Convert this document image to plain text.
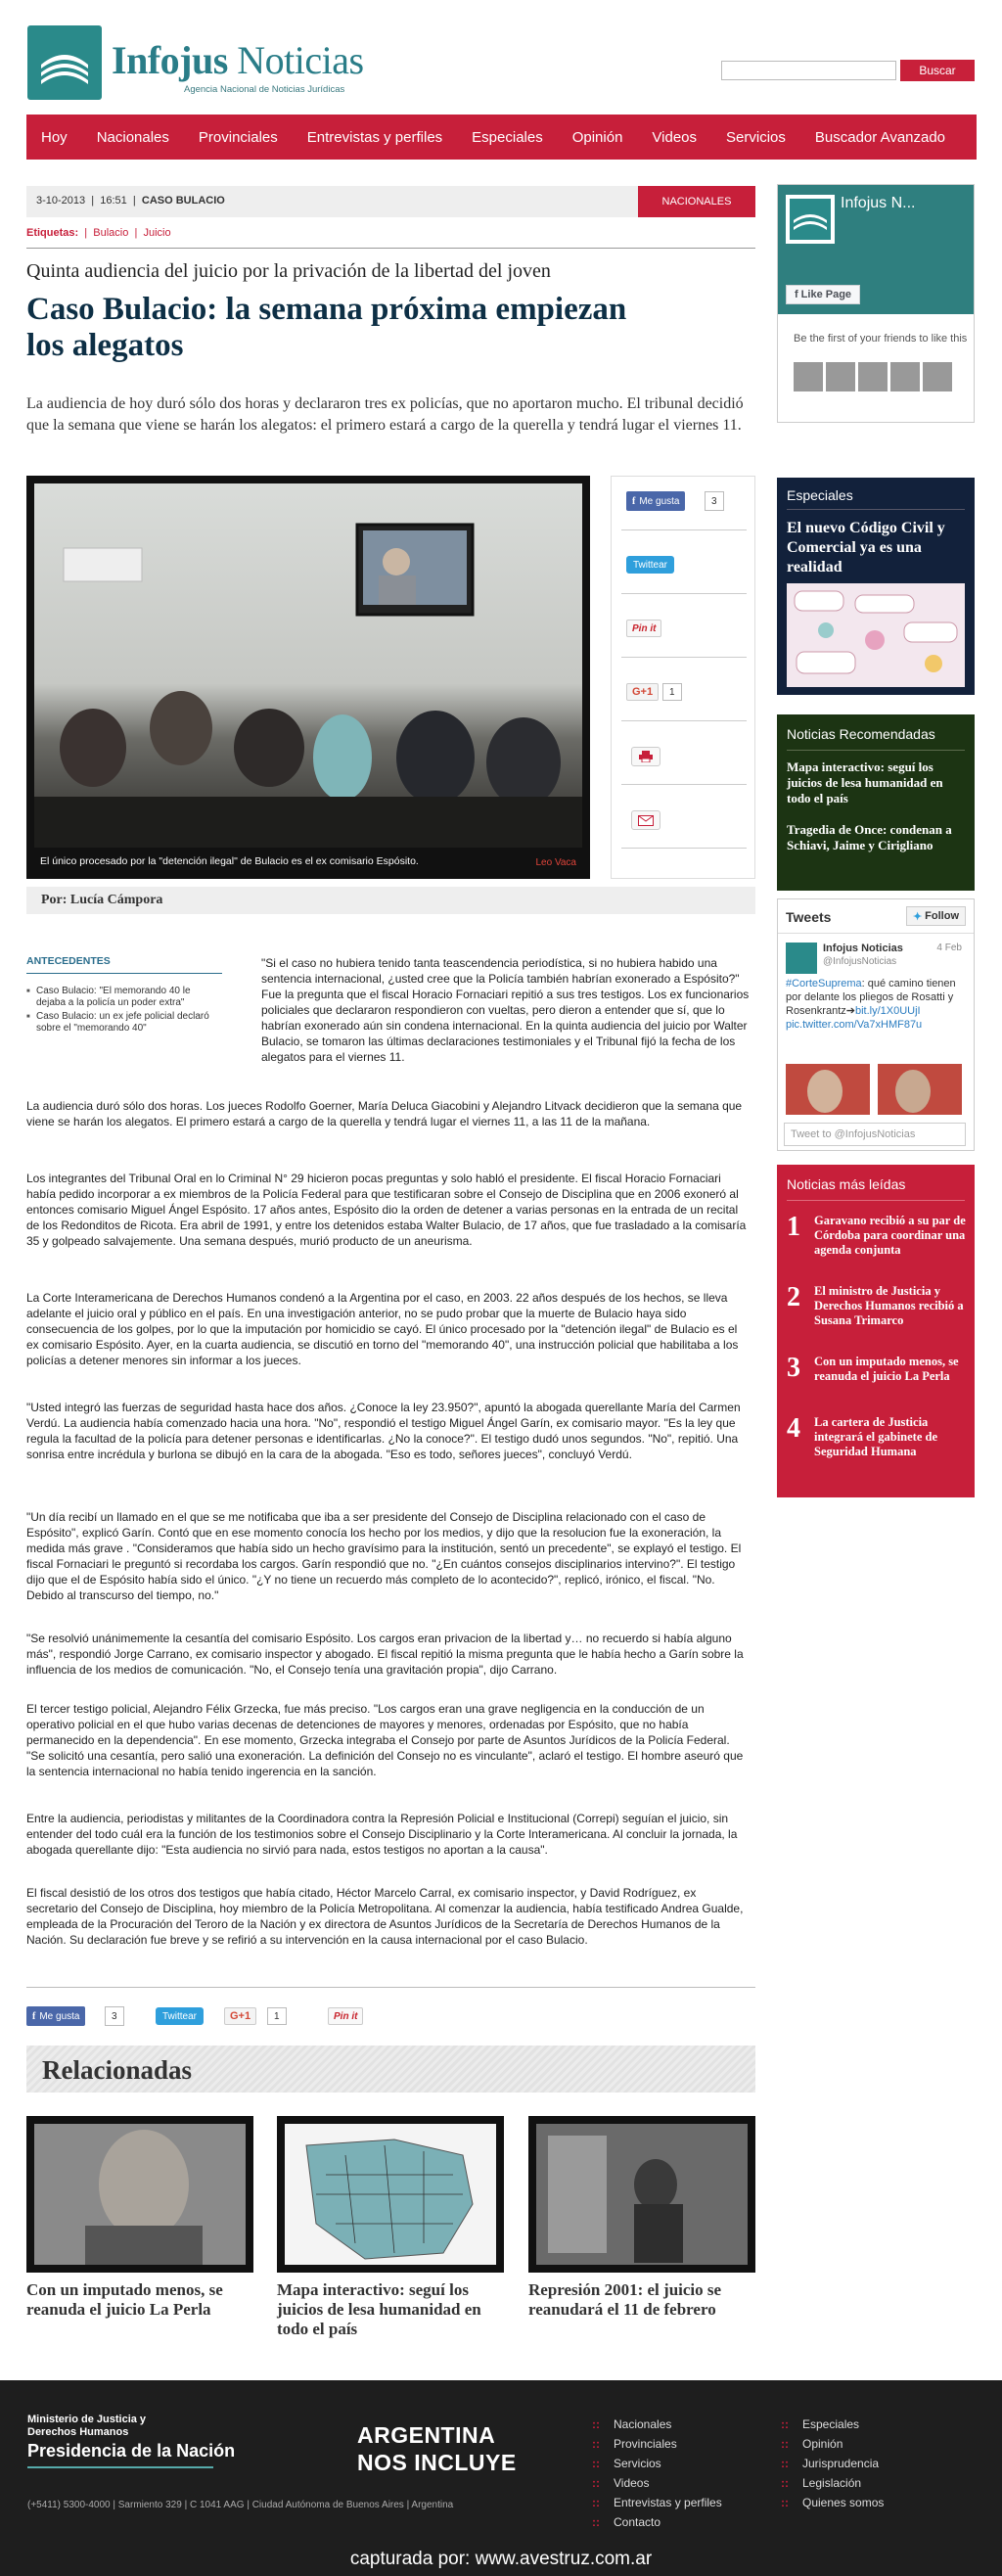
Infojus Noticias
Agencia Nacional de Noticias Jurídicas
Buscar
Hoy	Nacionales	Provinciales	Entrevistas y perfiles	Especiales	Opinión	Videos	Servicios	Buscador Avanzado
3-10-2013  |  16:51  |  CASO BULACIO	NACIONALES
Etiquetas:  |  Bulacio  |  Juicio
Quinta audiencia del juicio por la privación de la libertad del joven
Caso Bulacio: la semana próxima empiezan los alegatos
La audiencia de hoy duró sólo dos horas y declararon tres ex policías, que no aportaron mucho. El tribunal decidió que la semana que viene se harán los alegatos: el primero estará a cargo de la querella y tendrá lugar el viernes 11.
El único procesado por la "detención ilegal" de Bulacio es el ex comisario Espósito.	Leo Vaca
f Me gusta	3
Twittear
Pin it
G+1	1
Por: Lucía Cámpora
ANTECEDENTES
■ Caso Bulacio: "El memorando 40 le dejaba a la policía un poder extra"
■ Caso Bulacio: un ex jefe policial declaró sobre el "memorando 40"
"Si el caso no hubiera tenido tanta teascendencia periodística, si no hubiera habido una sentencia internacional, ¿usted cree que la Policía también habrían exonerado a Espósito?" Fue la pregunta que el fiscal Horacio Fornaciari repitió a sus tres testigos. Los ex funcionarios policiales que declararon respondieron con vueltas, pero dieron a entender que sí, que lo habrían exonerado aún sin condena internacional. En la quinta audiencia del juicio por Walter Bulacio, se tomaron las últimas declaraciones testimoniales y el Tribunal fijó la fecha de los alegatos para el viernes 11.
La audiencia duró sólo dos horas. Los jueces Rodolfo Goerner, María Deluca Giacobini y Alejandro Litvack decidieron que la semana que viene se harán los alegatos. El primero estará a cargo de la querella y tendrá lugar el viernes 11, a las 11 de la mañana.
Los integrantes del Tribunal Oral en lo Criminal N° 29 hicieron pocas preguntas y solo habló el presidente. El fiscal Horacio Fornaciari había pedido incorporar a ex miembros de la Policía Federal para que testificaran sobre el Consejo de Disciplina que en 2006 exoneró al entonces comisario Miguel Ángel Espósito. 17 años antes, Espósito dio la orden de detener a varias personas en la entrada de un recital de los Redonditos de Ricota. Era abril de 1991, y entre los detenidos estaba Walter Bulacio, de 17 años, que fue trasladado a la comisaría 35 y golpeado salvajemente. Una semana después, murió producto de un aneurisma.
La Corte Interamericana de Derechos Humanos condenó a la Argentina por el caso, en 2003. 22 años después de los hechos, se lleva adelante el juicio oral y público en el país. En una investigación anterior, no se pudo probar que la muerte de Bulacio haya sido consecuencia de los golpes, por lo que la imputación por homicidio se cayó. El único procesado por la "detención ilegal" de Bulacio es el ex comisario Espósito. Ayer, en la cuarta audiencia, se discutió en torno del "memorando 40", una instrucción policial que habilitaba a los policías a detener menores sin informar a los jueces.
"Usted integró las fuerzas de seguridad hasta hace dos años. ¿Conoce la ley 23.950?", apuntó la abogada querellante María del Carmen Verdú. La audiencia había comenzado hacia una hora. "No", respondió el testigo Miguel Ángel Garín, ex comisario mayor. "Es la ley que regula la facultad de la policía para detener personas e identificarlas. ¿No la conoce?". El testigo dudó unos segundos. "No", repitió. Una sonrisa entre incrédula y burlona se dibujó en la cara de la abogada. "Eso es todo, señores jueces", concluyó Verdú.
"Un día recibí un llamado en el que se me notificaba que iba a ser presidente del Consejo de Disciplina relacionado con el caso de Espósito", explicó Garín. Contó que en ese momento conocía los hecho por los medios, y dijo que la resolucion fue la exoneración, la medida más grave . "Consideramos que había sido un hecho gravísimo para la institución, sentó un precedente", se explayó el testigo. El fiscal Fornaciari le preguntó si recordaba los cargos. Garín respondió que no. "¿En cuántos consejos disciplinarios intervino?". El testigo dijo que el de Espósito había sido el único. "¿Y no tiene un recuerdo más completo de lo acontecido?", replicó, irónico, el fiscal. "No. Debido al transcurso del tiempo, no."
"Se resolvió unánimemente la cesantía del comisario Espósito. Los cargos eran privacion de la libertad y… no recuerdo si había alguno más", respondió Jorge Carrano, ex comisario inspector y abogado. El fiscal repitió la misma pregunta que le había hecho a Garín sobre la influencia de los medios de comunicación. "No, el Consejo tenía una gravitación propia", dijo Carrano.
El tercer testigo policial, Alejandro Félix Grzecka, fue más preciso. "Los cargos eran una grave negligencia en la conducción de un operativo policial en el que hubo varias decenas de detenciones de mayores y menores, ordenadas por Espósito, que no había permanecido en la dependencia". En ese momento, Grzecka integraba el Consejo por parte de Asuntos Jurídicos de la Policía Federal. "Se solicitó una cesantía, pero salió una exoneración. La definición del Consejo no es vinculante", aclaró el testigo. El hombre aseuró que la sentencia internacional no había tenido ingerencia en la sanción.
Entre la audiencia, periodistas y militantes de la Coordinadora contra la Represión Policial e Institucional (Correpi) seguían el juicio, sin entender del todo cuál era la función de los testimonios sobre el Consejo Disciplinario y la Corte Interamericana. Al concluir la jornada, la abogada querellante dijo: "Esta audiencia no sirvió para nada, estos testigos no aportan a la causa".
El fiscal desistió de los otros dos testigos que había citado, Héctor Marcelo Carral, ex comisario inspector, y David Rodríguez, ex secretario del Consejo de Disciplina, hoy miembro de la Policía Metropolitana. Al comenzar la audiencia, había testificado Andrea Gualde, empleada de la Procuración del Teroro de la Nación y ex directora de Asuntos Jurídicos de la Secretaría de Derechos Humanos de la Nación. Su declaración fue breve y se refirió a su intervención en la causa internacional por el caso Bulacio.
f Me gusta	3	Twittear	G+1	1	Pin it
Relacionadas
Con un imputado menos, se reanuda el juicio La Perla
Mapa interactivo: seguí los juicios de lesa humanidad en todo el país
Represión 2001: el juicio se reanudará el 11 de febrero
Infojus N...
f Like Page
Be the first of your friends to like this
Especiales
El nuevo Código Civil y Comercial ya es una realidad
Noticias Recomendadas
Mapa interactivo: seguí los juicios de lesa humanidad en todo el país
Tragedia de Once: condenan a Schiavi, Jaime y Cirigliano
Tweets	✦ Follow
Infojus Noticias
@InfojusNoticias
4 Feb
#CorteSuprema: qué camino tienen por delante los pliegos de Rosatti y Rosenkrantz➔bit.ly/1X0UUjI pic.twitter.com/Va7xHMF87u
Tweet to @InfojusNoticias
Noticias más leídas
1 Garavano recibió a su par de Córdoba para coordinar una agenda conjunta
2 El ministro de Justicia y Derechos Humanos recibió a Susana Trimarco
3 Con un imputado menos, se reanuda el juicio La Perla
4 La cartera de Justicia integrará el gabinete de Seguridad Humana
Ministerio de Justicia y Derechos Humanos
Presidencia de la Nación
ARGENTINA
NOS INCLUYE
(+5411) 5300-4000 | Sarmiento 329 | C 1041 AAG | Ciudad Autónoma de Buenos Aires | Argentina
:: Nacionales
:: Provinciales
:: Servicios
:: Videos
:: Entrevistas y perfiles
:: Contacto
:: Especiales
:: Opinión
:: Jurisprudencia
:: Legislación
:: Quienes somos
capturada por: www.avestruz.com.ar
